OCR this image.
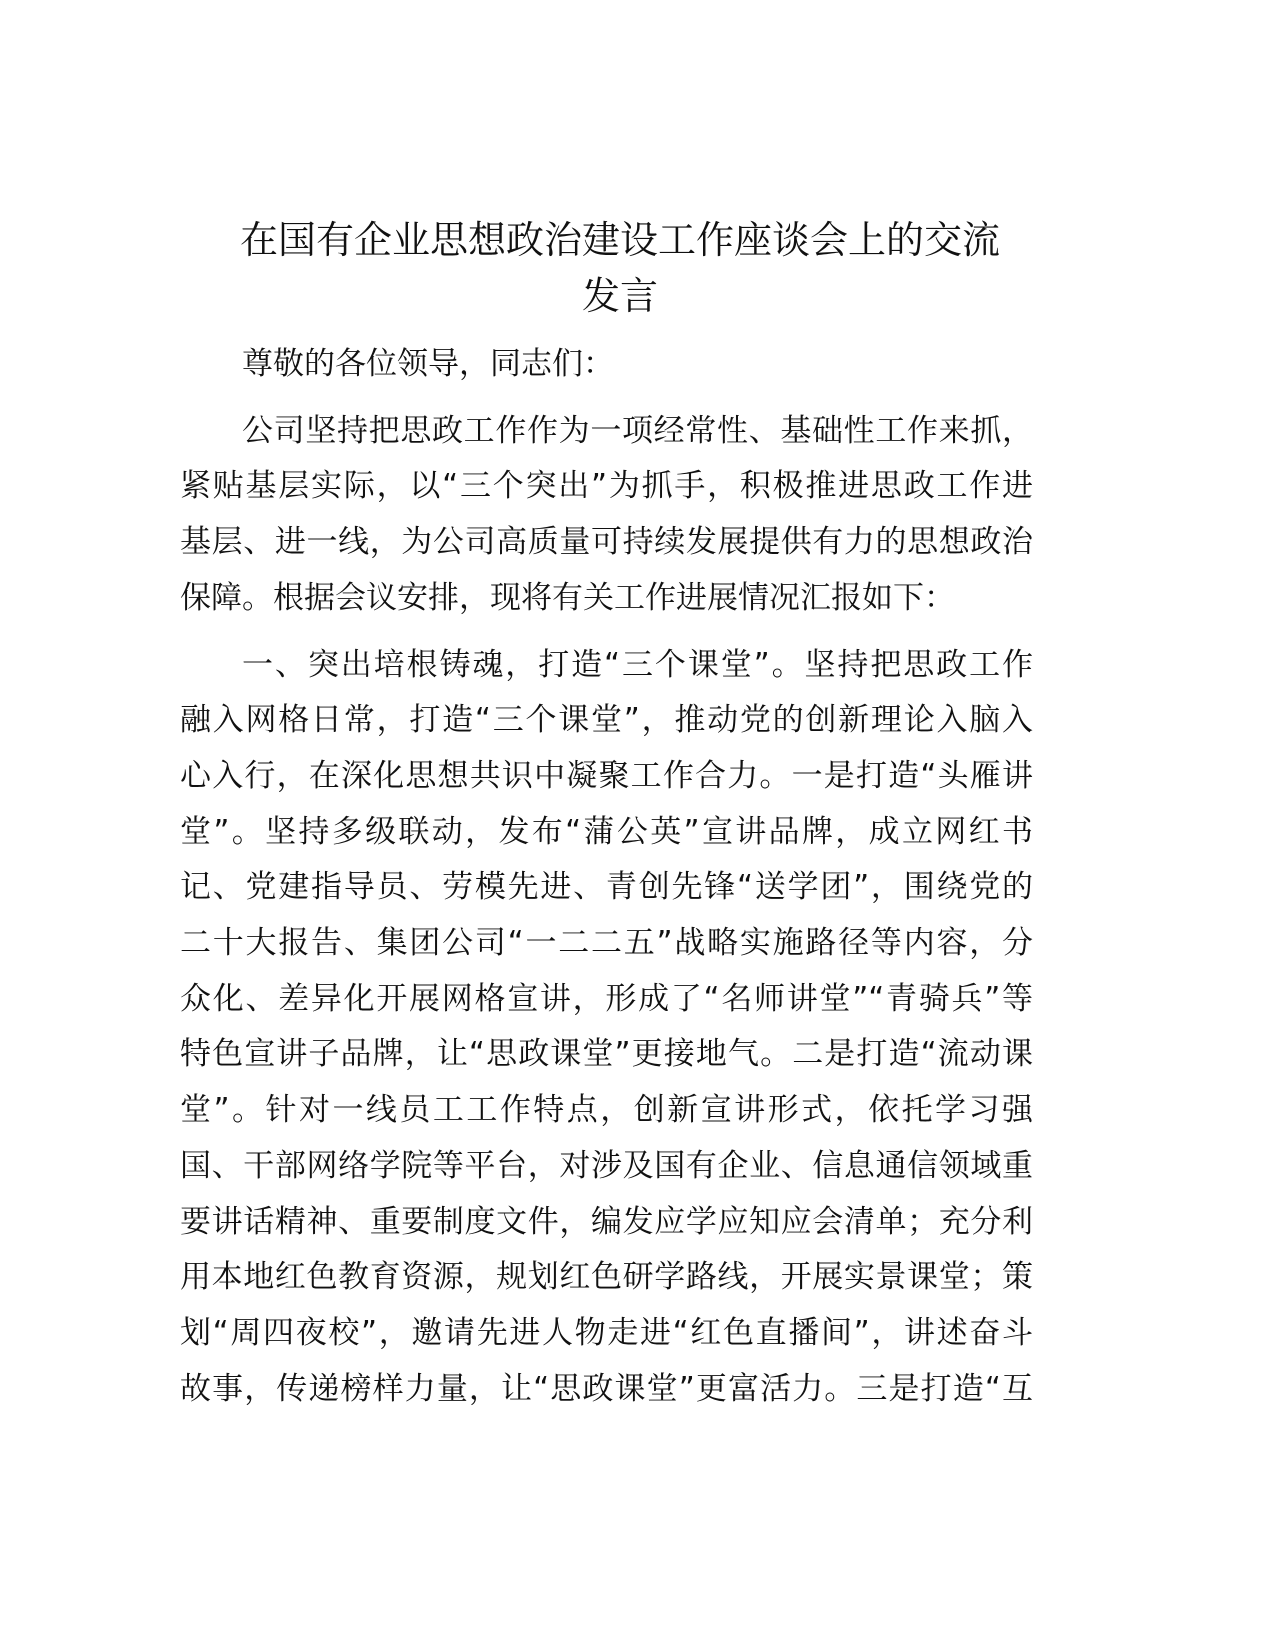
在国有企业思想政治建设工作座谈会上的交流
发言
尊敬的各位领导，同志们：
公司坚持把思政工作作为一项经常性、基础性工作来抓，
紧贴基层实际，以“三个突出”为抓手，积极推进思政工作进
基层、进一线，为公司高质量可持续发展提供有力的思想政治
保障。根据会议安排，现将有关工作进展情况汇报如下：
一、突出培根铸魂，打造“三个课堂”。坚持把思政工作
融入网格日常，打造“三个课堂”，推动党的创新理论入脑入
心入行，在深化思想共识中凝聚工作合力。一是打造“头雁讲
堂”。坚持多级联动，发布“蒲公英”宣讲品牌，成立网红书
记、党建指导员、劳模先进、青创先锋“送学团”，围绕党的
二十大报告、集团公司“一二二五”战略实施路径等内容，分
众化、差异化开展网格宣讲，形成了“名师讲堂”“青骑兵”等
特色宣讲子品牌，让“思政课堂”更接地气。二是打造“流动课
堂”。针对一线员工工作特点，创新宣讲形式，依托学习强
国、干部网络学院等平台，对涉及国有企业、信息通信领域重
要讲话精神、重要制度文件，编发应学应知应会清单；充分利
用本地红色教育资源，规划红色研学路线，开展实景课堂；策
划“周四夜校”，邀请先进人物走进“红色直播间”，讲述奋斗
故事，传递榜样力量，让“思政课堂”更富活力。三是打造“互
